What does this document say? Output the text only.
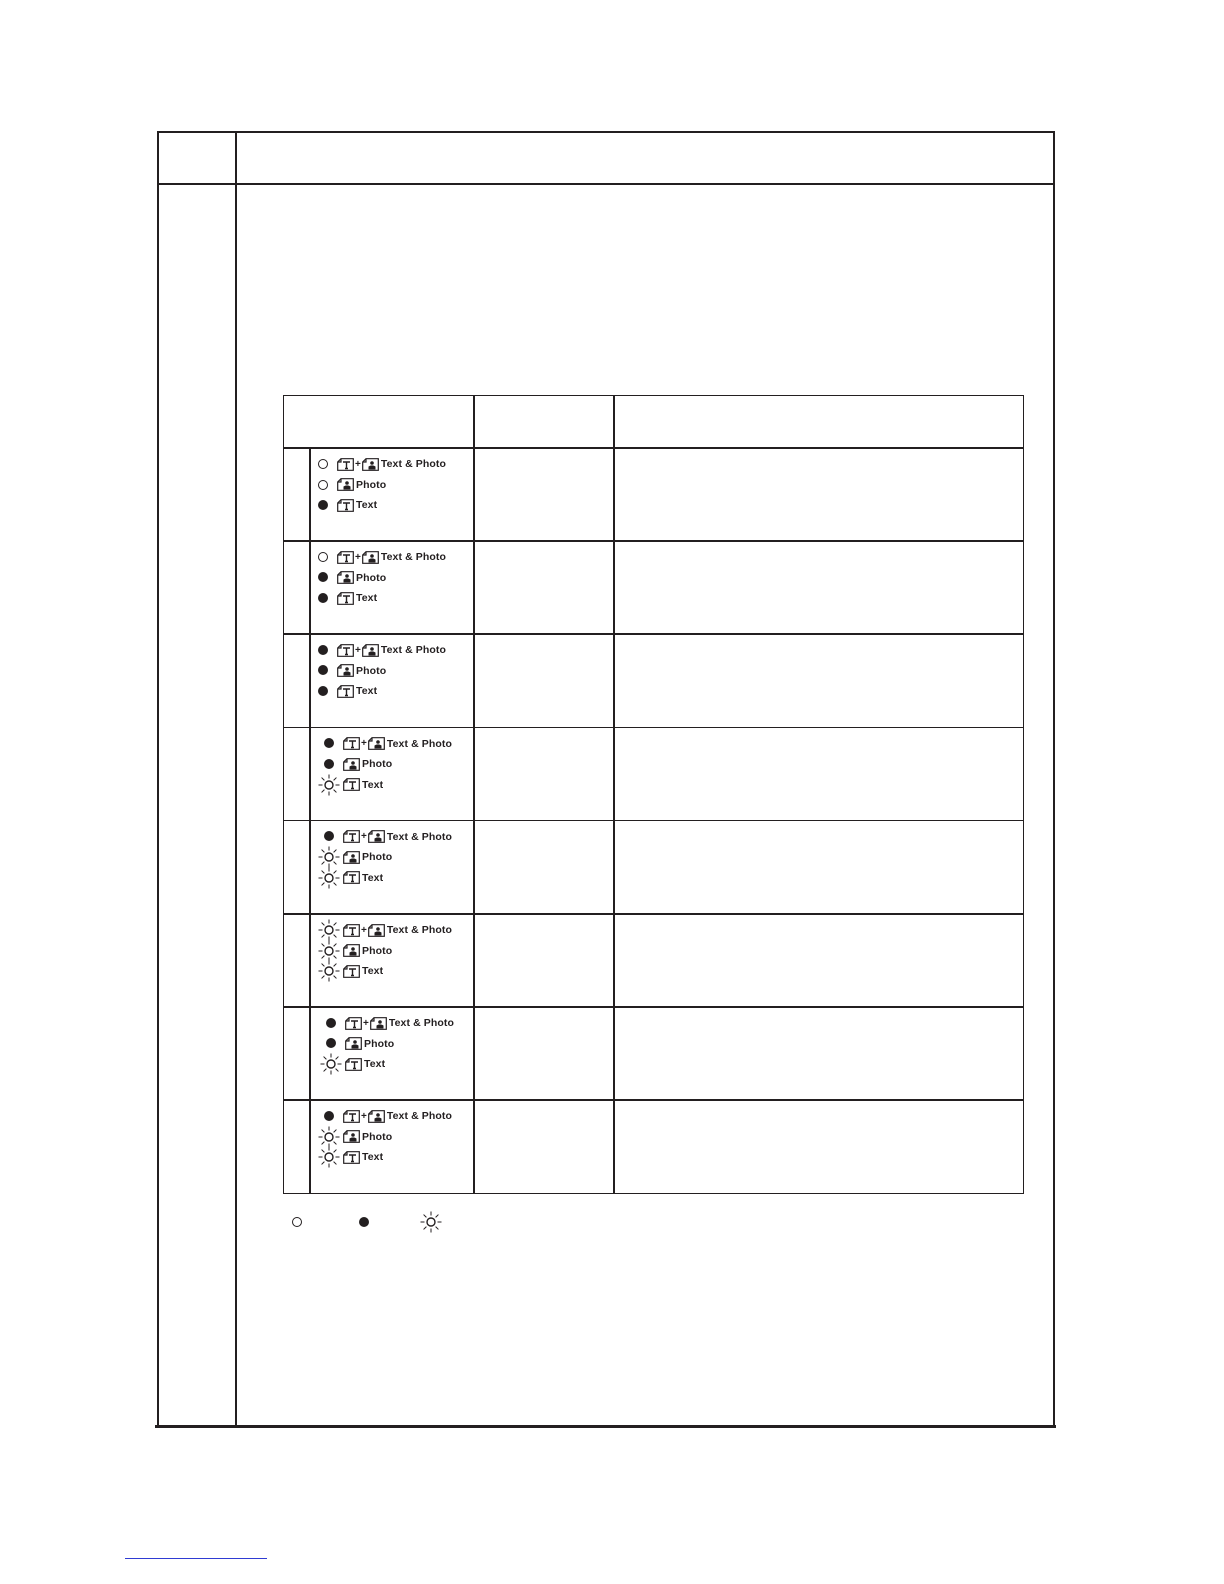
+ Text & Photo
Photo
Text
+ Text & Photo
Photo
Text
+ Text & Photo
Photo
Text
+ Text & Photo
Photo
Text
+ Text & Photo
Photo
Text
+ Text & Photo
Photo
Text
+ Text & Photo
Photo
Text
+ Text & Photo
Photo
Text
